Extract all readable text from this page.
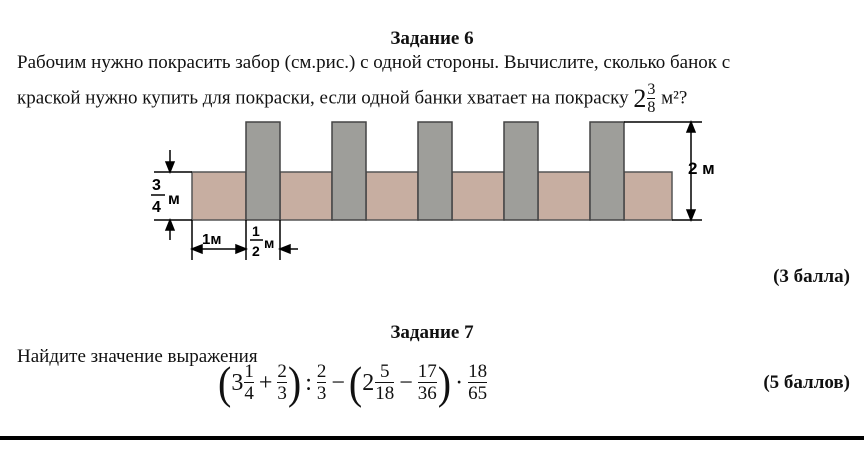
Задание 6
Рабочим нужно покрасить забор (см.рис.) с одной стороны. Вычислите, сколько банок с
краской нужно купить для покраски, если одной банки хватает на покраску $2 \frac{3}{8} м^2$?
2 м
3
4 м
1м 1
2 м
(3 балла)
Задание 7
Найдите значение выражения
( $3 \frac{1}{4} + \frac{2}{3}$ ) : $\frac{2}{3}$ − ( $2 \frac{5}{18} - \frac{17}{36}$ ) · $\frac{18}{65}$	(5 баллов)
